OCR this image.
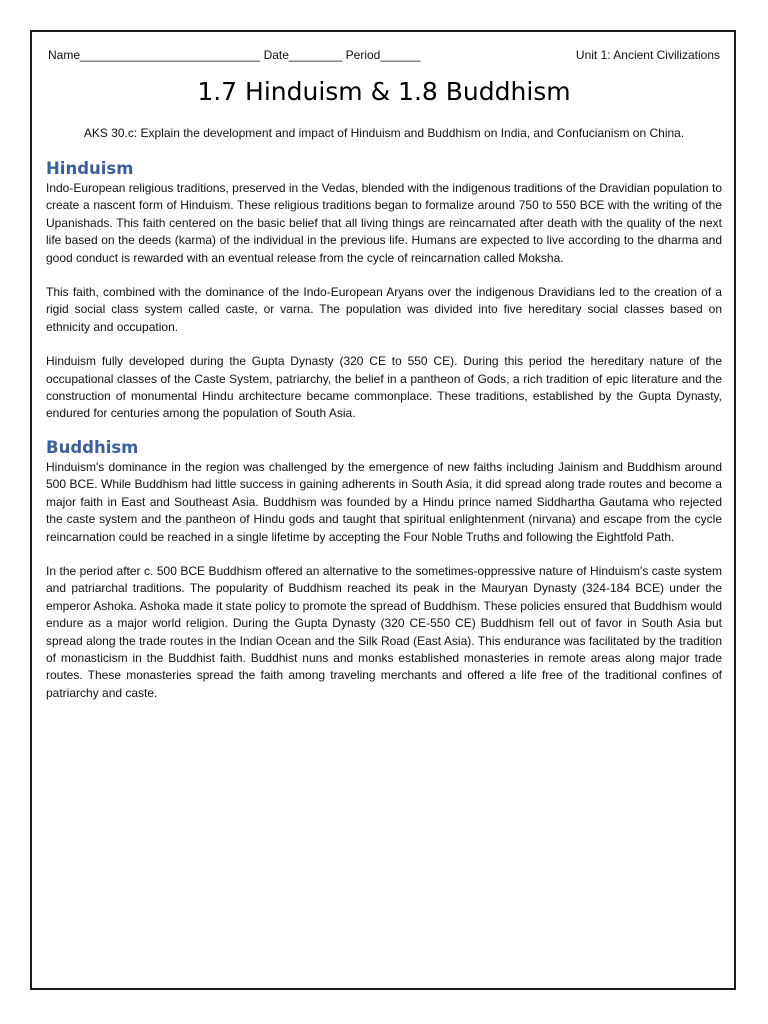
Name___________________________ Date________ Period______	Unit 1: Ancient Civilizations
1.7 Hinduism & 1.8 Buddhism
AKS 30.c: Explain the development and impact of Hinduism and Buddhism on India, and Confucianism on China.
Hinduism

Indo-European religious traditions, preserved in the Vedas, blended with the indigenous traditions of the Dravidian population to create a nascent form of Hinduism. These religious traditions began to formalize around 750 to 550 BCE with the writing of the Upanishads. This faith centered on the basic belief that all living things are reincarnated after death with the quality of the next life based on the deeds (karma) of the individual in the previous life. Humans are expected to live according to the dharma and good conduct is rewarded with an eventual release from the cycle of reincarnation called Moksha.

This faith, combined with the dominance of the Indo-European Aryans over the indigenous Dravidians led to the creation of a rigid social class system called caste, or varna. The population was divided into five hereditary social classes based on ethnicity and occupation.

Hinduism fully developed during the Gupta Dynasty (320 CE to 550 CE). During this period the hereditary nature of the occupational classes of the Caste System, patriarchy, the belief in a pantheon of Gods, a rich tradition of epic literature and the construction of monumental Hindu architecture became commonplace. These traditions, established by the Gupta Dynasty, endured for centuries among the population of South Asia.

Buddhism

Hinduism's dominance in the region was challenged by the emergence of new faiths including Jainism and Buddhism around 500 BCE. While Buddhism had little success in gaining adherents in South Asia, it did spread along trade routes and become a major faith in East and Southeast Asia. Buddhism was founded by a Hindu prince named Siddhartha Gautama who rejected the caste system and the pantheon of Hindu gods and taught that spiritual enlightenment (nirvana) and escape from the cycle reincarnation could be reached in a single lifetime by accepting the Four Noble Truths and following the Eightfold Path.

In the period after c. 500 BCE Buddhism offered an alternative to the sometimes-oppressive nature of Hinduism's caste system and patriarchal traditions. The popularity of Buddhism reached its peak in the Mauryan Dynasty (324-184 BCE) under the emperor Ashoka. Ashoka made it state policy to promote the spread of Buddhism. These policies ensured that Buddhism would endure as a major world religion. During the Gupta Dynasty (320 CE-550 CE) Buddhism fell out of favor in South Asia but spread along the trade routes in the Indian Ocean and the Silk Road (East Asia). This endurance was facilitated by the tradition of monasticism in the Buddhist faith. Buddhist nuns and monks established monasteries in remote areas along major trade routes. These monasteries spread the faith among traveling merchants and offered a life free of the traditional confines of patriarchy and caste.
